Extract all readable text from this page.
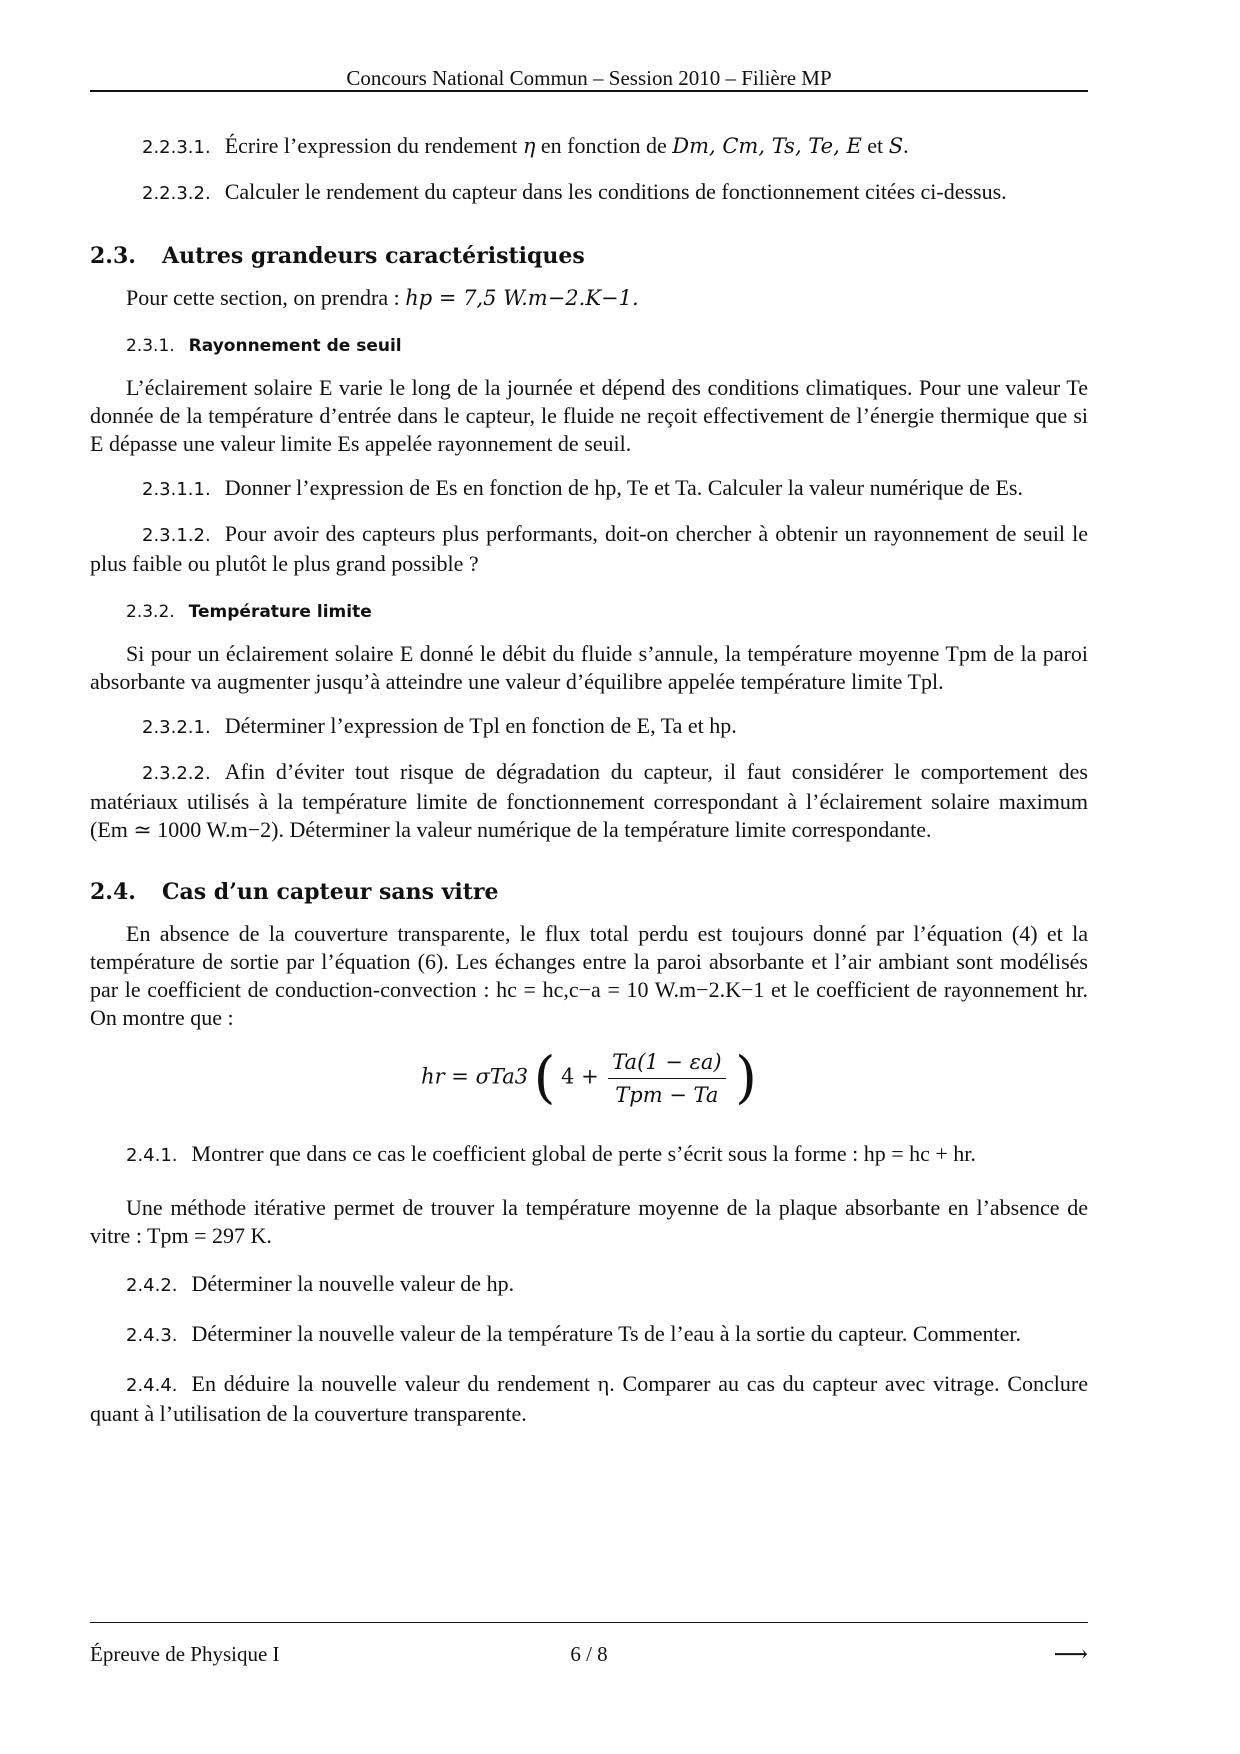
Concours National Commun – Session 2010 – Filière MP

2.2.3.1. Écrire l’expression du rendement η en fonction de Dm, Cm, Ts, Te, E et S.

2.2.3.2. Calculer le rendement du capteur dans les conditions de fonctionnement citées ci-dessus.

2.3. Autres grandeurs caractéristiques

Pour cette section, on prendra : hp = 7,5 W.m−2.K−1.

2.3.1. Rayonnement de seuil

L’éclairement solaire E varie le long de la journée et dépend des conditions climatiques. Pour une valeur Te donnée de la température d’entrée dans le capteur, le fluide ne reçoit effectivement de l’énergie thermique que si E dépasse une valeur limite Es appelée rayonnement de seuil.

2.3.1.1. Donner l’expression de Es en fonction de hp, Te et Ta. Calculer la valeur numérique de Es.

2.3.1.2. Pour avoir des capteurs plus performants, doit-on chercher à obtenir un rayonnement de seuil le plus faible ou plutôt le plus grand possible ?

2.3.2. Température limite

Si pour un éclairement solaire E donné le débit du fluide s’annule, la température moyenne Tpm de la paroi absorbante va augmenter jusqu’à atteindre une valeur d’équilibre appelée température limite Tpl.

2.3.2.1. Déterminer l’expression de Tpl en fonction de E, Ta et hp.

2.3.2.2. Afin d’éviter tout risque de dégradation du capteur, il faut considérer le comportement des matériaux utilisés à la température limite de fonctionnement correspondant à l’éclairement solaire maximum (Em ≃ 1000 W.m−2). Déterminer la valeur numérique de la température limite correspondante.

2.4. Cas d’un capteur sans vitre

En absence de la couverture transparente, le flux total perdu est toujours donné par l’équation (4) et la température de sortie par l’équation (6). Les échanges entre la paroi absorbante et l’air ambiant sont modélisés par le coefficient de conduction-convection : hc = hc,c−a = 10 W.m−2.K−1 et le coefficient de rayonnement hr. On montre que :

hr = σTa3 ( $4 + \frac{Ta(1 - \varepsilon a)}{\text{Tpm − Ta}}$ )

2.4.1. Montrer que dans ce cas le coefficient global de perte s’écrit sous la forme : hp = hc + hr.

Une méthode itérative permet de trouver la température moyenne de la plaque absorbante en l’absence de vitre : Tpm = 297 K.

2.4.2. Déterminer la nouvelle valeur de hp.

2.4.3. Déterminer la nouvelle valeur de la température Ts de l’eau à la sortie du capteur. Commenter.

2.4.4. En déduire la nouvelle valeur du rendement η. Comparer au cas du capteur avec vitrage. Conclure quant à l’utilisation de la couverture transparente.

Épreuve de Physique I	6 / 8	⟶
